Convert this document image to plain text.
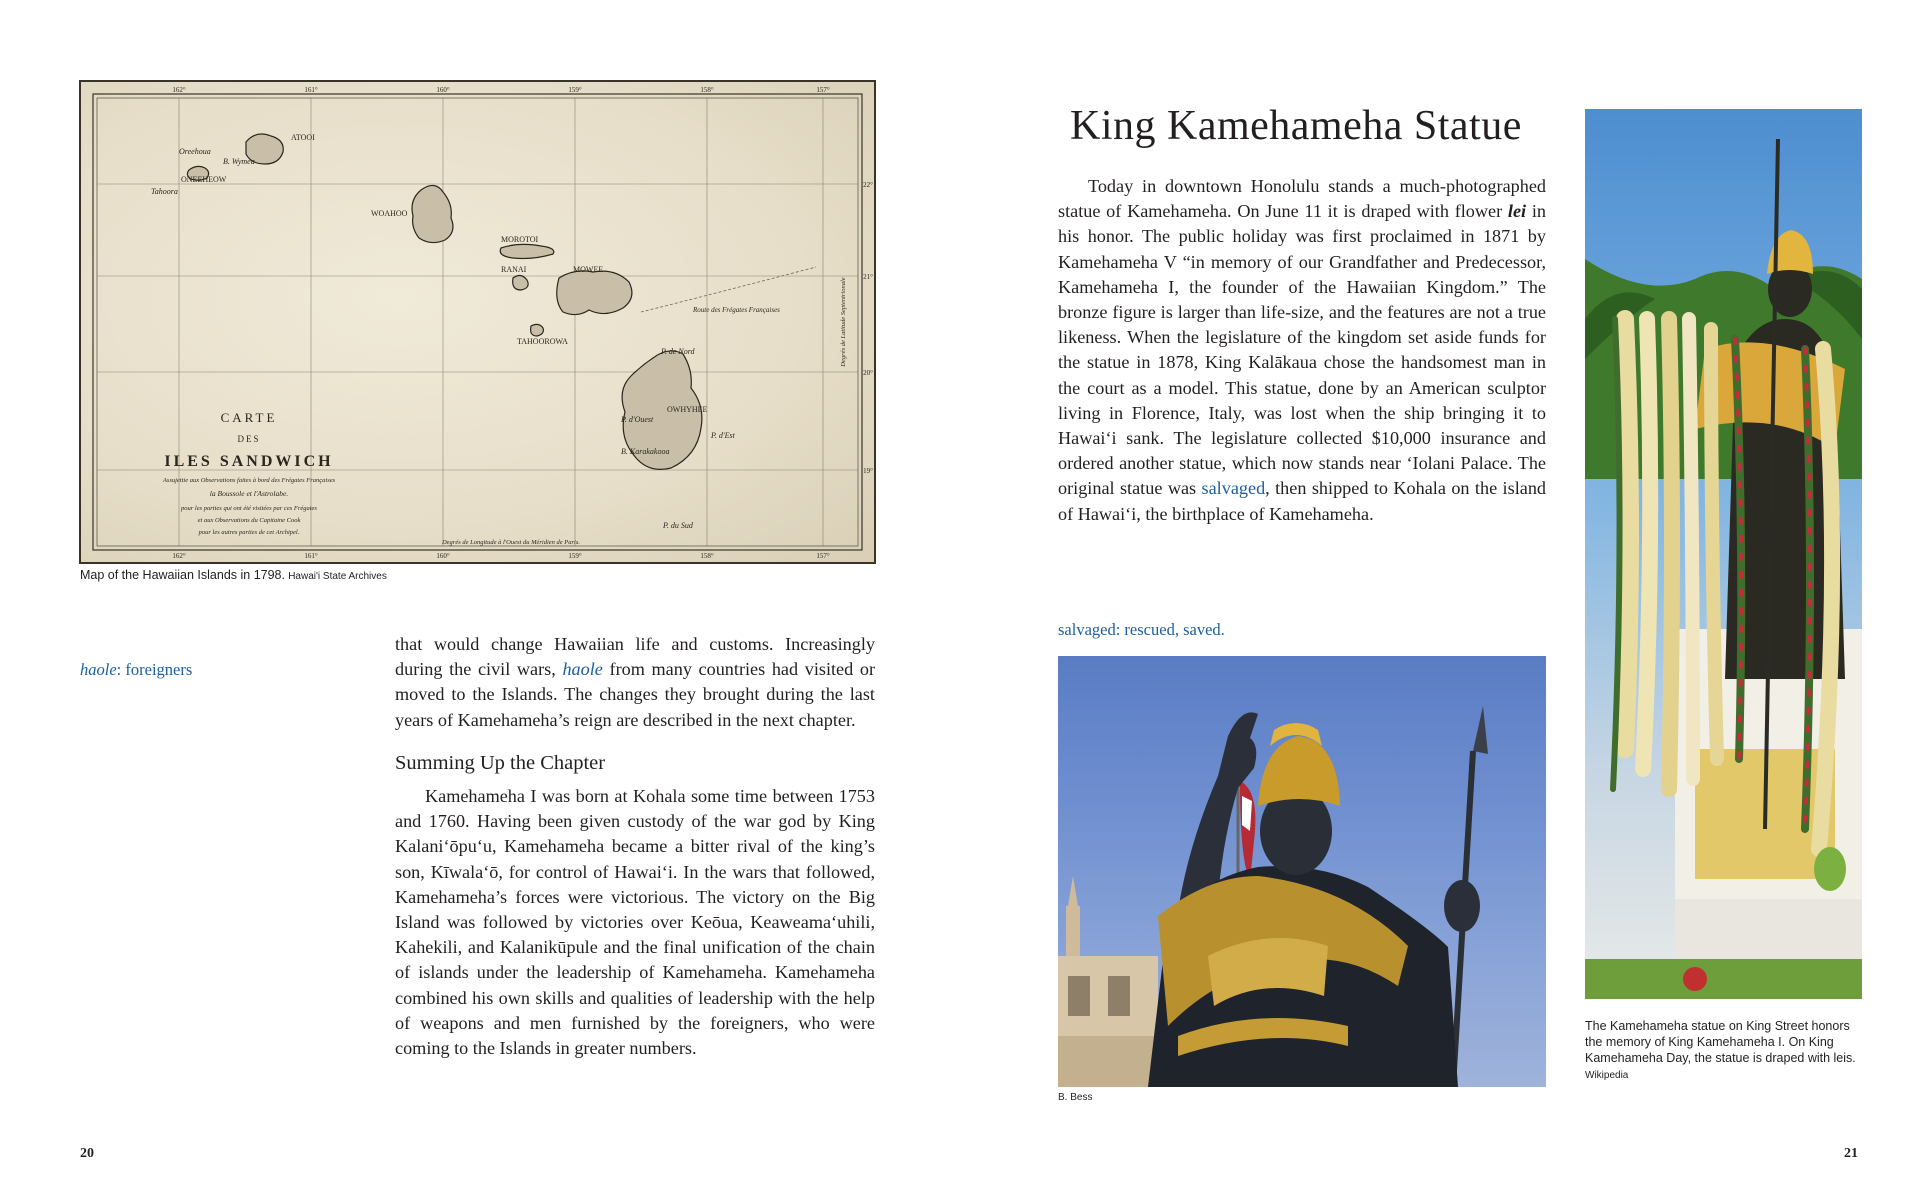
Oreehoua
B. Wymea
ATOOI
ONEEHEOW
Tahoora
WOAHOO
MOROTOI
RANAI	MOWEE
TAHOOROWA
OWHYHEE
B. Karakakooa
P. de Nord
P. d'Ouest
P. d'Est
P. du Sud
Route des Frégates Françaises
CARTE
DES
ILES SANDWICH
Assujettie aux Observations faites à bord des Frégates Françaises
la Boussole et l'Astrolabe.
pour les parties qui ont été visitées par ces Frégates
et aux Observations du Capitaine Cook
pour les autres parties de cet Archipel.
Degrés de Longitude à l'Ouest du Méridien de Paris.
Degrés de Latitude Septentrionale
162°	161°	160°	159°	158°	157°
162°	161°	160°	159°	158°	157°
22°
21°
20°
19°
Map of the Hawaiian Islands in 1798. Hawai'i State Archives
haole: foreigners

that would change Hawaiian life and customs. Increasingly during the civil wars, haole from many countries had visited or moved to the Islands. The changes they brought during the last years of Kamehameha’s reign are described in the next chapter.

Summing Up the Chapter

Kamehameha I was born at Kohala some time between 1753 and 1760. Having been given custody of the war god by King Kalaniʻōpuʻu, Kamehameha became a bitter rival of the king’s son, Kīwalaʻō, for control of Hawaiʻi. In the wars that followed, Kamehameha’s forces were victorious. The victory on the Big Island was followed by victories over Keōua, Keaweamaʻuhili, Kahekili, and Kalanikūpule and the final unification of the chain of islands under the leadership of Kamehameha. Kamehameha combined his own skills and qualities of leadership with the help of weapons and men furnished by the foreigners, who were coming to the Islands in greater numbers.

20
King Kamehameha Statue

Today in downtown Honolulu stands a much-photographed statue of Kamehameha. On June 11 it is draped with flower lei in his honor. The public holiday was first proclaimed in 1871 by Kamehameha V “in memory of our Grandfather and Predecessor, Kamehameha I, the founder of the Hawaiian Kingdom.” The bronze figure is larger than life-size, and the features are not a true likeness. When the legislature of the kingdom set aside funds for the statue in 1878, King Kalākaua chose the handsomest man in the court as a model. This statue, done by an American sculptor living in Florence, Italy, was lost when the ship bringing it to Hawaiʻi sank. The legislature collected $10,000 insurance and ordered another statue, which now stands near ʻIolani Palace. The original statue was salvaged, then shipped to Kohala on the island of Hawaiʻi, the birthplace of Kamehameha.

salvaged: rescued, saved.
B. Bess
The Kamehameha statue on King Street honors the memory of King Kamehameha I. On King Kamehameha Day, the statue is draped with leis.
Wikipedia
21
